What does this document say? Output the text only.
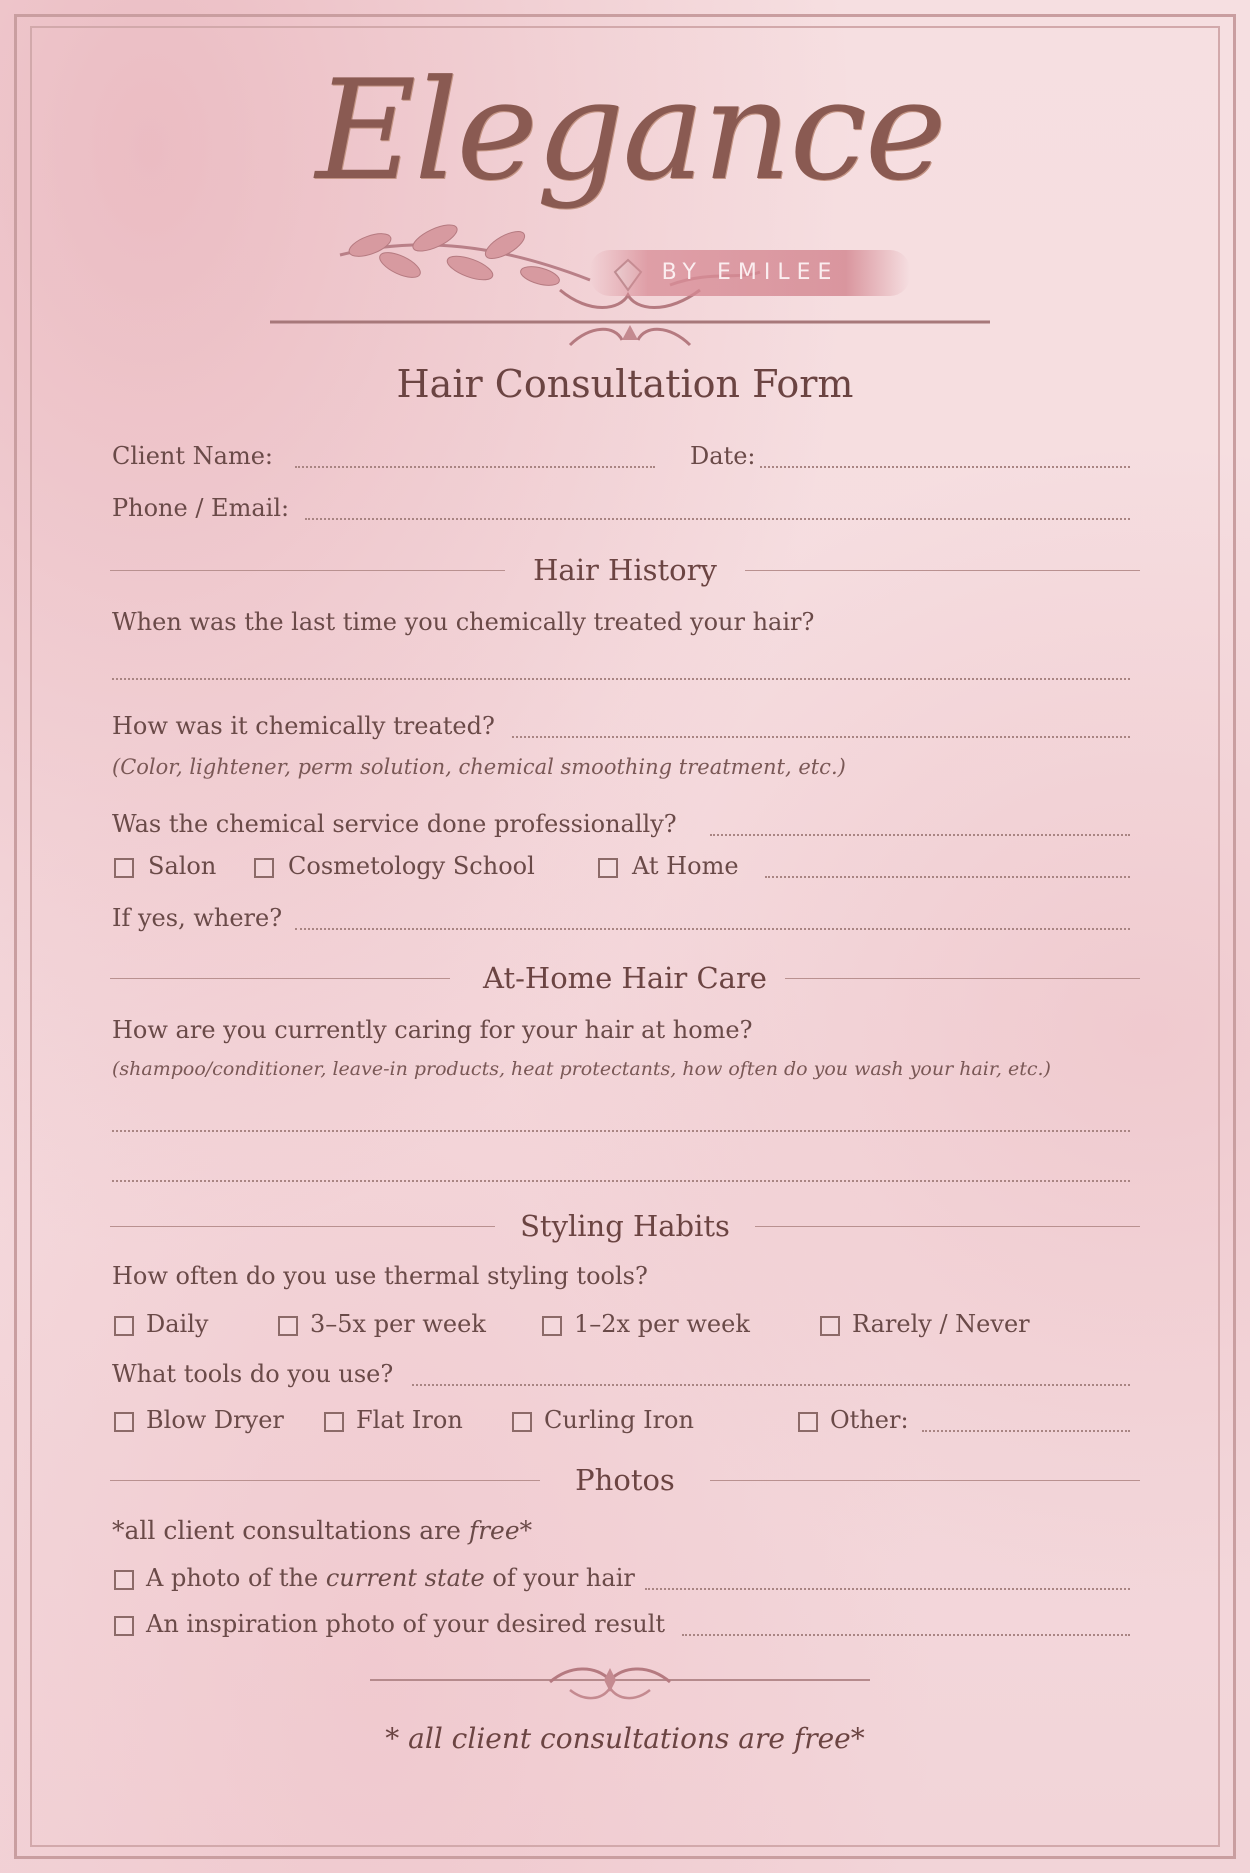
Elegance
BY EMILEE
Hair Consultation Form
Client Name:	Date:
Phone / Email:
Hair History
When was the last time you chemically treated your hair?
How was it chemically treated?
(Color, lightener, perm solution, chemical smoothing treatment, etc.)
Was the chemical service done professionally?
Salon	Cosmetology School	At Home
If yes, where?
At-Home Hair Care
How are you currently caring for your hair at home?
(shampoo/conditioner, leave-in products, heat protectants, how often do you wash your hair, etc.)
Styling Habits
How often do you use thermal styling tools?
Daily	3–5x per week	1–2x per week	Rarely / Never
What tools do you use?
Blow Dryer	Flat Iron	Curling Iron	Other:
Photos
*all client consultations are free*
A photo of the current state of your hair
An inspiration photo of your desired result
* all client consultations are free*
